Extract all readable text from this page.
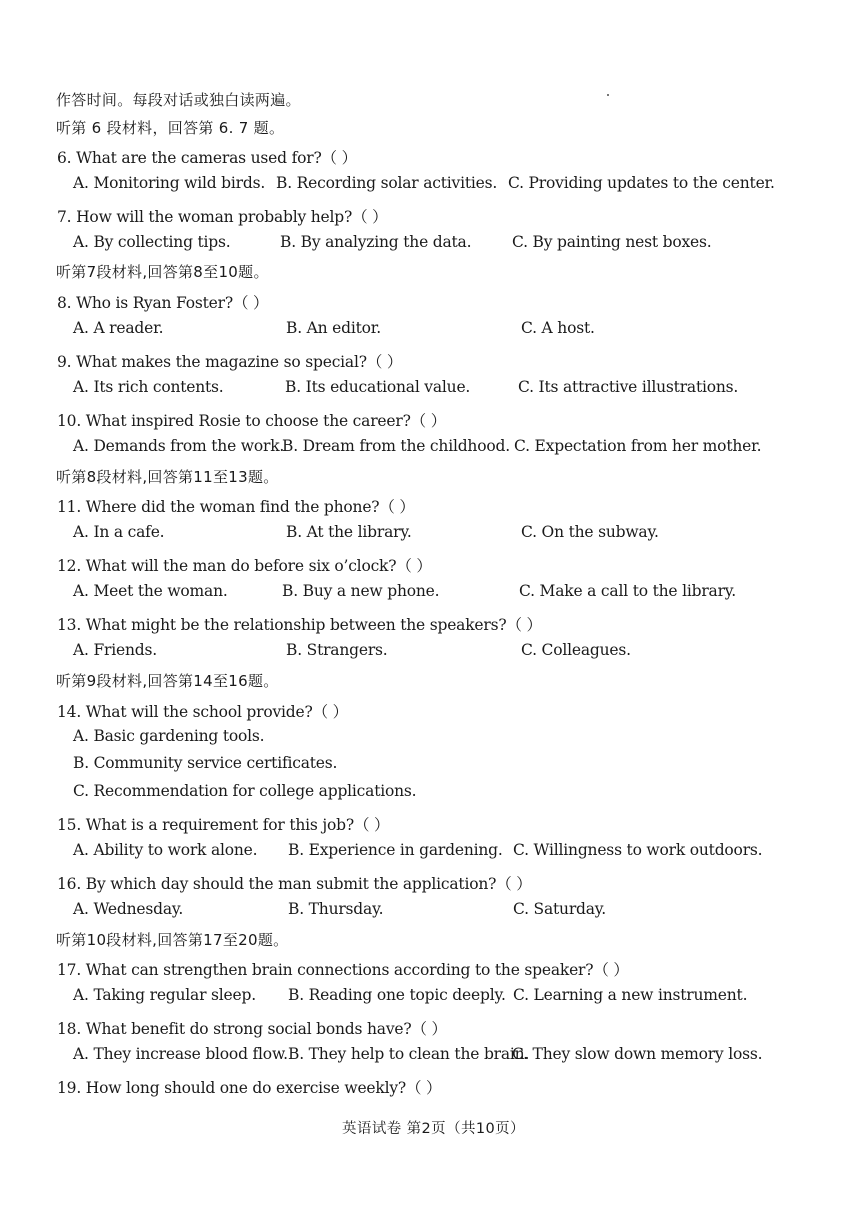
作答时间。每段对话或独白读两遍。
听第 6 段材料，回答第 6. 7 题。
6. What are the cameras used for?（ ）
A. Monitoring wild birds. B. Recording solar activities. C. Providing updates to the center.
7. How will the woman probably help?（ ）
A. By collecting tips.	B. By analyzing the data.	C. By painting nest boxes.
听第7段材料,回答第8至10题。
8. Who is Ryan Foster?（ ）
A. A reader.	B. An editor.	C. A host.
9. What makes the magazine so special?（ ）
A. Its rich contents.	B. Its educational value.	C. Its attractive illustrations.
10. What inspired Rosie to choose the career?（ ）
A. Demands from the work.
B. Dream from the childhood. C. Expectation from her mother.
听第8段材料,回答第11至13题。
11. Where did the woman find the phone?（ ）
A. In a cafe.	B. At the library.	C. On the subway.
12. What will the man do before six o’clock?（ ）
A. Meet the woman.	B. Buy a new phone.	C. Make a call to the library.
13. What might be the relationship between the speakers?（ ）
A. Friends.	B. Strangers.	C. Colleagues.
听第9段材料,回答第14至16题。
14. What will the school provide?（ ）
A. Basic gardening tools.
B. Community service certificates.
C. Recommendation for college applications.
15. What is a requirement for this job?（ ）
A. Ability to work alone. B. Experience in gardening. C. Willingness to work outdoors.
16. By which day should the man submit the application?（ ）
A. Wednesday.	B. Thursday.	C. Saturday.
听第10段材料,回答第17至20题。
17. What can strengthen brain connections according to the speaker?（ ）
A. Taking regular sleep. B. Reading one topic deeply. C. Learning a new instrument.
18. What benefit do strong social bonds have?（ ）
A. They increase blood flow. B. They help to clean the brain.
C. They slow down memory loss.
19. How long should one do exercise weekly?（ ）
英语试卷 第2页（共10页）
